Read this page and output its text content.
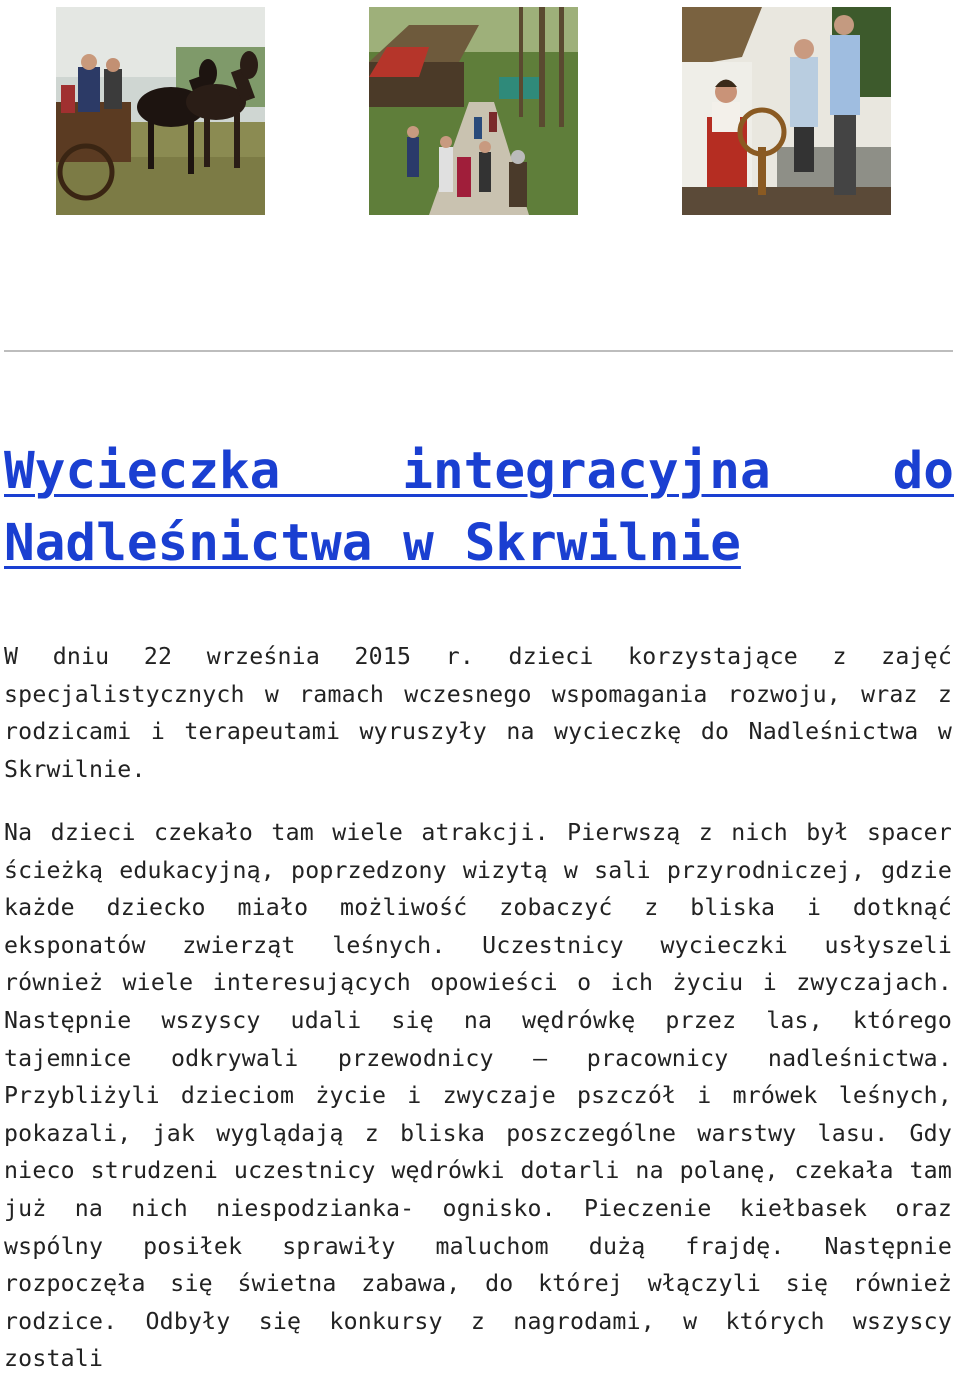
Wycieczka integracyjna do Nadleśnictwa w Skrwilnie

W dniu 22 września 2015 r. dzieci korzystające z zajęć specjalistycznych w ramach wczesnego wspomagania rozwoju, wraz z rodzicami i terapeutami wyruszyły na wycieczkę do Nadleśnictwa w Skrwilnie.

Na dzieci czekało tam wiele atrakcji. Pierwszą z nich był spacer ścieżką edukacyjną, poprzedzony wizytą w sali przyrodniczej, gdzie każde dziecko miało możliwość zobaczyć z bliska i dotknąć eksponatów zwierząt leśnych. Uczestnicy wycieczki usłyszeli również wiele interesujących opowieści o ich życiu i zwyczajach. Następnie wszyscy udali się na wędrówkę przez las, którego tajemnice odkrywali przewodnicy – pracownicy nadleśnictwa. Przybliżyli dzieciom życie i zwyczaje pszczół i mrówek leśnych, pokazali, jak wyglądają z bliska poszczególne warstwy lasu. Gdy nieco strudzeni uczestnicy wędrówki dotarli na polanę, czekała tam już na nich niespodzianka- ognisko. Pieczenie kiełbasek oraz wspólny posiłek sprawiły maluchom dużą frajdę. Następnie rozpoczęła się świetna zabawa, do której włączyli się również rodzice. Odbyły się konkursy z nagrodami, w których wszyscy zostali
